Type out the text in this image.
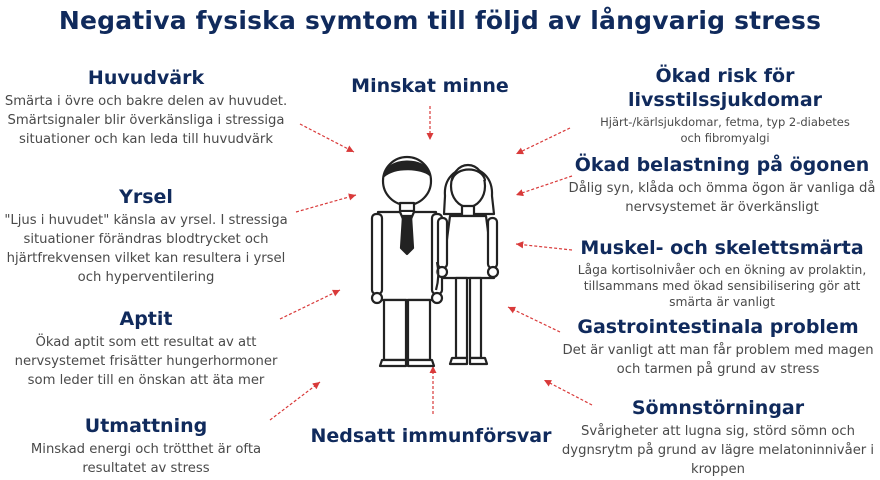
Negativa fysiska symtom till följd av långvarig stress
Minskat minne
Nedsatt immunförsvar
Huvudvärk
Smärta i övre och bakre delen av huvudet. Smärtsignaler blir överkänsliga i stressiga situationer och kan leda till huvudvärk
Yrsel
"Ljus i huvudet" känsla av yrsel. I stressiga situationer förändras blodtrycket och hjärtfrekvensen vilket kan resultera i yrsel och hyperventilering
Aptit
Ökad aptit som ett resultat av att nervsystemet frisätter hungerhormoner som leder till en önskan att äta mer
Utmattning
Minskad energi och trötthet är ofta resultatet av stress
Ökad risk för livsstilssjukdomar
Hjärt-/kärlsjukdomar, fetma, typ 2-diabetes och fibromyalgi
Ökad belastning på ögonen
Dålig syn, klåda och ömma ögon är vanliga då nervsystemet är överkänsligt
Muskel- och skelettsmärta
Låga kortisolnivåer och en ökning av prolaktin, tillsammans med ökad sensibilisering gör att smärta är vanligt
Gastrointestinala problem
Det är vanligt att man får problem med magen och tarmen på grund av stress
Sömnstörningar
Svårigheter att lugna sig, störd sömn och dygnsrytm på grund av lägre melatoninnivåer i kroppen
